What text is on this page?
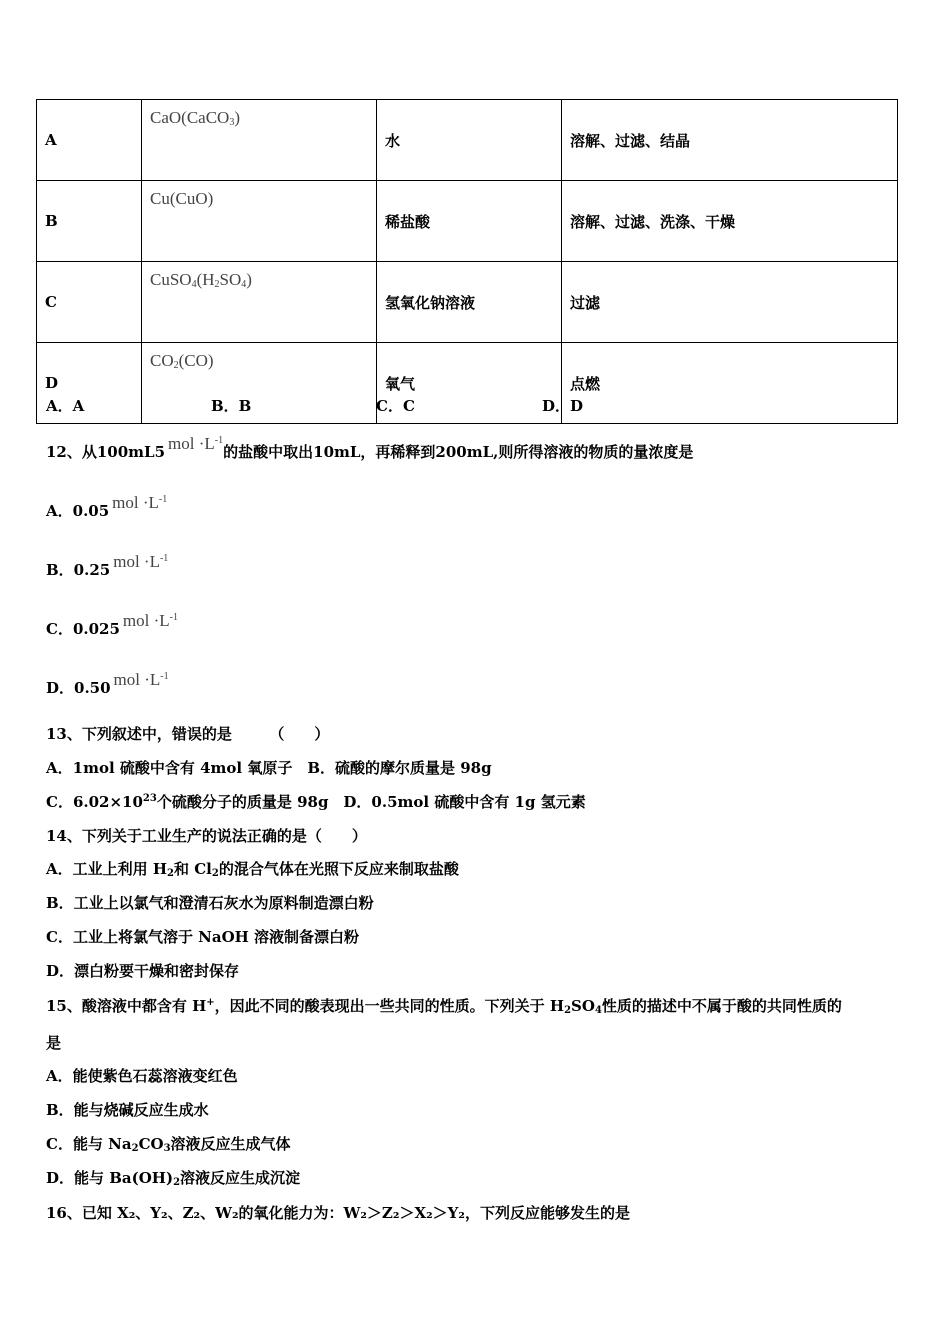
A	CaO(CaCO$_3$)	水	溶解、过滤、结晶
B	Cu(CuO)	稀盐酸	溶解、过滤、洗涤、干燥
C	$CuSO_4(H_2SO_4)$	氢氧化钠溶液	过滤
D	$CO_2(CO)$	氧气	点燃
A．A	B．B	C．C	D．D
12、从100mL5 mol $\cdot L^{-1}$的盐酸中取出10mL，再稀释到200mL,则所得溶液的物质的量浓度是
A．0.05 mol $\cdot L^{-1}$
B．0.25 mol $\cdot L^{-1}$
C．0.025 mol $\cdot L^{-1}$
D．0.50 mol $\cdot L^{-1}$
13、下列叙述中，错误的是　　　（　　）
A．1mol 硫酸中含有 4mol 氧原子　B．硫酸的摩尔质量是 98g
C．$6.02\times 10^{23}$个硫酸分子的质量是 98g　D．0.5mol 硫酸中含有 1g 氢元素
14、下列关于工业生产的说法正确的是（　　）
A．工业上利用 $H_2$和 $Cl_2$的混合气体在光照下反应来制取盐酸
B．工业上以氯气和澄清石灰水为原料制造漂白粉
C．工业上将氯气溶于 NaOH 溶液制备漂白粉
D．漂白粉要干燥和密封保存
15、酸溶液中都含有 H+，因此不同的酸表现出一些共同的性质。下列关于 $H_2SO_4$性质的描述中不属于酸的共同性质的
是
A．能使紫色石蕊溶液变红色
B．能与烧碱反应生成水
C．能与 $Na_2CO_3$溶液反应生成气体
D．能与 $Ba(OH)_2$溶液反应生成沉淀
16、已知 X₂、Y₂、Z₂、W₂的氧化能力为：W₂＞Z₂＞X₂＞Y₂，下列反应能够发生的是
